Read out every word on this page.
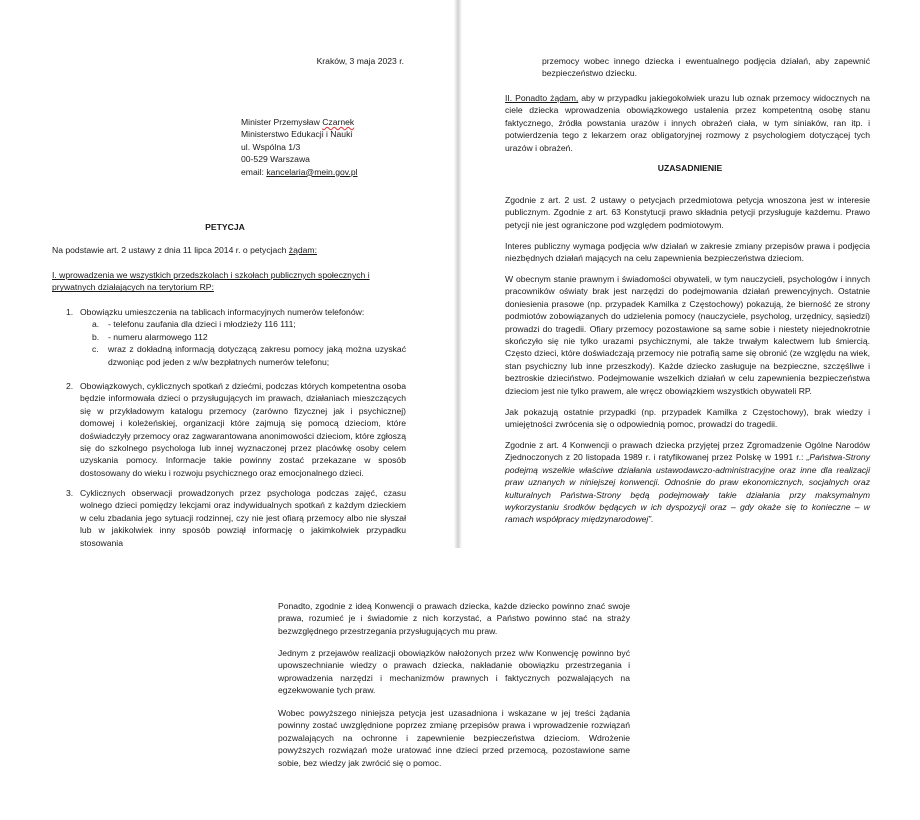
Kraków, 3 maja 2023 r.
Minister Przemysław Czarnek
Ministerstwo Edukacji i Nauki
ul. Wspólna 1/3
00-529 Warszawa
email: kancelaria@mein.gov.pl
PETYCJA
Na podstawie art. 2 ustawy z dnia 11 lipca 2014 r. o petycjach żądam:
I. wprowadzenia we wszystkich przedszkolach i szkołach publicznych społecznych i prywatnych działających na terytorium RP:
1. Obowiązku umieszczenia na tablicach informacyjnych numerów telefonów:
a. - telefonu zaufania dla dzieci i młodzieży 116 111;
b. - numeru alarmowego 112
c. wraz z dokładną informacją dotyczącą zakresu pomocy jaką można uzyskać dzwoniąc pod jeden z w/w bezpłatnych numerów telefonu;
2. Obowiązkowych, cyklicznych spotkań z dziećmi, podczas których kompetentna osoba będzie informowała dzieci o przysługujących im prawach, działaniach mieszczących się w przykładowym katalogu przemocy (zarówno fizycznej jak i psychicznej) domowej i koleżeńskiej, organizacji które zajmują się pomocą dzieciom, które doświadczyły przemocy oraz zagwarantowana anonimowości dzieciom, które zgłoszą się do szkolnego psychologa lub innej wyznaczonej przez placówkę osoby celem uzyskania pomocy. Informacje takie powinny zostać przekazane w sposób dostosowany do wieku i rozwoju psychicznego oraz emocjonalnego dzieci.
3. Cyklicznych obserwacji prowadzonych przez psychologa podczas zajęć, czasu wolnego dzieci pomiędzy lekcjami oraz indywidualnych spotkań z każdym dzieckiem w celu zbadania jego sytuacji rodzinnej, czy nie jest ofiarą przemocy albo nie słyszał lub w jakikolwiek inny sposób powziął informację o jakimkolwiek przypadku stosowania
przemocy wobec innego dziecka i ewentualnego podjęcia działań, aby zapewnić bezpieczeństwo dziecku.
II. Ponadto żądam, aby w przypadku jakiegokolwiek urazu lub oznak przemocy widocznych na ciele dziecka wprowadzenia obowiązkowego ustalenia przez kompetentną osobę stanu faktycznego, źródła powstania urazów i innych obrażeń ciała, w tym siniaków, ran itp. i potwierdzenia tego z lekarzem oraz obligatoryjnej rozmowy z psychologiem dotyczącej tych urazów i obrażeń.
UZASADNIENIE
Zgodnie z art. 2 ust. 2 ustawy o petycjach przedmiotowa petycja wnoszona jest w interesie publicznym. Zgodnie z art. 63 Konstytucji prawo składnia petycji przysługuje każdemu. Prawo petycji nie jest ograniczone pod względem podmiotowym.
Interes publiczny wymaga podjęcia w/w działań w zakresie zmiany przepisów prawa i podjęcia niezbędnych działań mających na celu zapewnienia bezpieczeństwa dzieciom.
W obecnym stanie prawnym i świadomości obywateli, w tym nauczycieli, psychologów i innych pracowników oświaty brak jest narzędzi do podejmowania działań prewencyjnych. Ostatnie doniesienia prasowe (np. przypadek Kamilka z Częstochowy) pokazują, że bierność ze strony podmiotów zobowiązanych do udzielenia pomocy (nauczyciele, psycholog, urzędnicy, sąsiedzi) prowadzi do tragedii. Ofiary przemocy pozostawione są same sobie i niestety niejednokrotnie skończyło się nie tylko urazami psychicznymi, ale także trwałym kalectwem lub śmiercią. Często dzieci, które doświadczają przemocy nie potrafią same się obronić (ze względu na wiek, stan psychiczny lub inne przeszkody). Każde dziecko zasługuje na bezpieczne, szczęśliwe i beztroskie dzieciństwo. Podejmowanie wszelkich działań w celu zapewnienia bezpieczeństwa dzieciom jest nie tylko prawem, ale wręcz obowiązkiem wszystkich obywateli RP.
Jak pokazują ostatnie przypadki (np. przypadek Kamilka z Częstochowy), brak wiedzy i umiejętności zwrócenia się o odpowiednią pomoc, prowadzi do tragedii.
Zgodnie z art. 4 Konwencji o prawach dziecka przyjętej przez Zgromadzenie Ogólne Narodów Zjednoczonych z 20 listopada 1989 r. i ratyfikowanej przez Polskę w 1991 r.: „Państwa-Strony podejmą wszelkie właściwe działania ustawodawczo-administracyjne oraz inne dla realizacji praw uznanych w niniejszej konwencji. Odnośnie do praw ekonomicznych, socjalnych oraz kulturalnych Państwa-Strony będą podejmowały takie działania przy maksymalnym wykorzystaniu środków będących w ich dyspozycji oraz – gdy okaże się to konieczne – w ramach współpracy międzynarodowej”.
Ponadto, zgodnie z ideą Konwencji o prawach dziecka, każde dziecko powinno znać swoje prawa, rozumieć je i świadomie z nich korzystać, a Państwo powinno stać na straży bezwzględnego przestrzegania przysługujących mu praw.
Jednym z przejawów realizacji obowiązków nałożonych przez w/w Konwencję powinno być upowszechnianie wiedzy o prawach dziecka, nakładanie obowiązku przestrzegania i wprowadzenia narzędzi i mechanizmów prawnych i faktycznych pozwalających na egzekwowanie tych praw.
Wobec powyższego niniejsza petycja jest uzasadniona i wskazane w jej treści żądania powinny zostać uwzględnione poprzez zmianę przepisów prawa i wprowadzenie rozwiązań pozwalających na ochronne i zapewnienie bezpieczeństwa dzieciom. Wdrożenie powyższych rozwiązań może uratować inne dzieci przed przemocą, pozostawione same sobie, bez wiedzy jak zwrócić się o pomoc.
